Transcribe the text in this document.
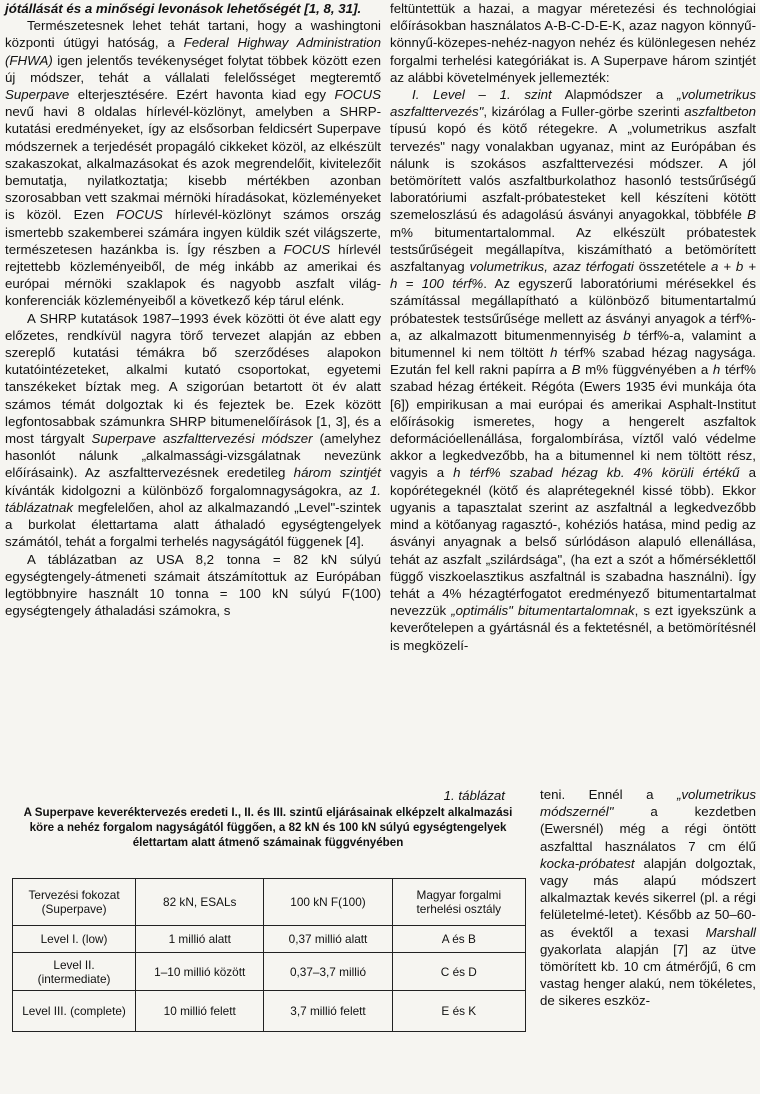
jótállását és a minőségi levonások lehetőségét [1, 8, 31].

Természetesnek lehet tehát tartani, hogy a washingtoni központi útügyi hatóság, a Federal Highway Administration (FHWA) igen jelentős tevékenységet folytat többek között ezen új módszer, tehát a vállalati felelősséget megteremtő Superpave elterjesztésére. Ezért havonta kiad egy FOCUS nevű havi 8 oldalas hírlevél-közlönyt, amelyben a SHRP-kutatási eredményeket, így az elsősorban feldicsért Superpave módszernek a terjedését propagáló cikkeket közöl, az elkészült szakaszokat, alkalmazásokat és azok megrendelőit, kivitelezőit bemutatja, nyilatkoztatja; kisebb mértékben azonban szorosabban vett szakmai mérnöki híradásokat, közleményeket is közöl. Ezen FOCUS hírlevél-közlönyt számos ország ismertebb szakemberei számára ingyen küldik szét világszerte, természetesen hazánkba is. Így részben a FOCUS hírlevél rejtettebb közleményeiből, de még inkább az amerikai és európai mérnöki szaklapok és nagyobb aszfalt világ-konferenciák közleményeiből a következő kép tárul elénk.

A SHRP kutatások 1987–1993 évek közötti öt éve alatt egy előzetes, rendkívül nagyra törő tervezet alapján az ebben szereplő kutatási témákra bő szerződéses alapokon kutatóintézeteket, alkalmi kutató csoportokat, egyetemi tanszékeket bíztak meg. A szigorúan betartott öt év alatt számos témát dolgoztak ki és fejeztek be. Ezek között legfontosabbak számunkra SHRP bitumenelőírások [1, 3], és a most tárgyalt Superpave aszfalttervezési módszer (amelyhez hasonlót nálunk „alkalmassági-vizsgálatnak nevezünk előírásaink). Az aszfalttervezésnek eredetileg három szintjét kívánták kidolgozni a különböző forgalomnagyságokra, az 1. táblázatnak megfelelően, ahol az alkalmazandó „Level"-szintek a burkolat élettartama alatt áthaladó egységtengelyek számától, tehát a forgalmi terhelés nagyságától függenek [4].

A táblázatban az USA 8,2 tonna = 82 kN súlyú egységtengely-átmeneti számait átszámítottuk az Európában legtöbbnyire használt 10 tonna = 100 kN súlyú F(100) egységtengely áthaladási számokra, s

feltüntettük a hazai, a magyar méretezési és technológiai előírásokban használatos A-B-C-D-E-K, azaz nagyon könnyű-könnyű-közepes-nehéz-nagyon nehéz és különlegesen nehéz forgalmi terhelési kategóriákat is. A Superpave három szintjét az alábbi követelmények jellemezték:

I. Level – 1. szint Alapmódszer a „volumetrikus aszfalttervezés", kizárólag a Fuller-görbe szerinti aszfaltbeton típusú kopó és kötő rétegekre. A „volumetrikus aszfalt tervezés" nagy vonalakban ugyanaz, mint az Európában és nálunk is szokásos aszfalttervezési módszer. A jól betömörített valós aszfaltburkolathoz hasonló testsűrűségű laboratóriumi aszfalt-próbatesteket kell készíteni kötött szemeloszlású és adagolású ásványi anyagokkal, többféle B m% bitumentartalommal. Az elkészült próbatestek testsűrűségeit megállapítva, kiszámítható a betömörített aszfaltanyag volumetrikus, azaz térfogati összetétele a + b + h = 100 térf%. Az egyszerű laboratóriumi mérésekkel és számítással megállapítható a különböző bitumentartalmú próbatestek testsűrűsége mellett az ásványi anyagok a térf%-a, az alkalmazott bitumenmennyiség b térf%-a, valamint a bitumennel ki nem töltött h térf% szabad hézag nagysága. Ezután fel kell rakni papírra a B m% függvényében a h térf% szabad hézag értékeit. Régóta (Ewers 1935 évi munkája óta [6]) empirikusan a mai európai és amerikai Asphalt-Institut előírásokig ismeretes, hogy a hengerelt aszfaltok deformációellenállása, forgalombírása, víztől való védelme akkor a legkedvezőbb, ha a bitumennel ki nem töltött rész, vagyis a h térf% szabad hézag kb. 4% körüli értékű a kopórétegeknél (kötő és alaprétegeknél kissé több). Ekkor ugyanis a tapasztalat szerint az aszfaltnál a legkedvezőbb mind a kötőanyag ragasztó-, kohéziós hatása, mind pedig az ásványi anyagnak a belső súrlódáson alapuló ellenállása, tehát az aszfalt „szilárdsága", (ha ezt a szót a hőmérséklettől függő viszkoelasztikus aszfaltnál is szabadna használni). Így tehát a 4% hézagtérfogatot eredményező bitumentartalmat nevezzük „optimális" bitumentartalomnak, s ezt igyekszünk a keverőtelepen a gyártásnál és a fektetésnél, a betömörítésnél is megközelí-

1. táblázat
A Superpave keveréktervezés eredeti I., II. és III. szintű eljárásainak elképzelt alkalmazási köre a nehéz forgalom nagyságától függően, a 82 kN és 100 kN súlyú egységtengelyek élettartam alatt átmenő számainak függvényében
Tervezési fokozat (Superpave)	82 kN, ESALs	100 kN F(100)	Magyar forgalmi terhelési osztály
Level I. (low)	1 millió alatt	0,37 millió alatt	A és B
Level II. (intermediate)	1–10 millió között	0,37–3,7 millió	C és D
Level III. (complete)	10 millió felett	3,7 millió felett	E és K

teni. Ennél a „volumetrikus módszernél" a kezdetben (Ewersnél) még a régi öntött aszfalttal használatos 7 cm élű kocka-próbatest alapján dolgoztak, vagy más alapú módszert alkalmaztak kevés sikerrel (pl. a régi felületelmé-letet). Később az 50–60-as évektől a texasi Marshall gyakorlata alapján [7] az ütve tömörített kb. 10 cm átmérőjű, 6 cm vastag henger alakú, nem tökéletes, de sikeres eszköz-
